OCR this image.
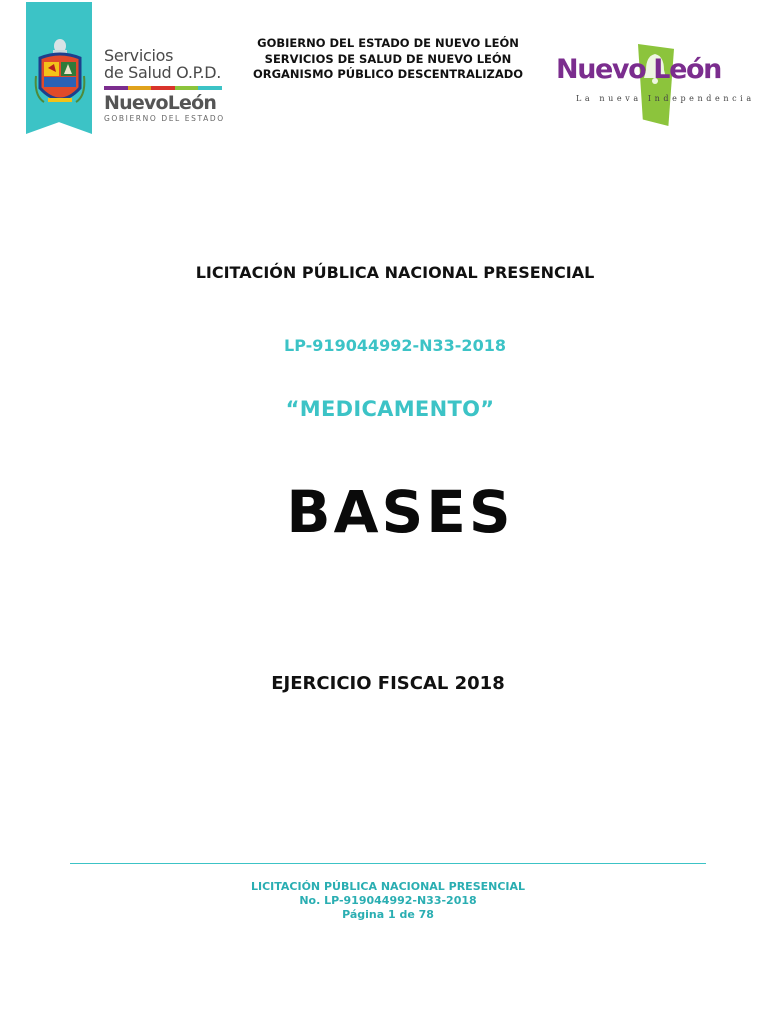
Servicios
de Salud O.P.D.
NuevoLeón
GOBIERNO DEL ESTADO
GOBIERNO DEL ESTADO DE NUEVO LEÓN
SERVICIOS DE SALUD DE NUEVO LEÓN
ORGANISMO PÚBLICO DESCENTRALIZADO	Nuevo León
La nueva Independencia
LICITACIÓN PÚBLICA NACIONAL PRESENCIAL
LP-919044992-N33-2018
“MEDICAMENTO”
BASES
EJERCICIO FISCAL 2018
LICITACIÓN PÚBLICA NACIONAL PRESENCIAL
No. LP-919044992-N33-2018
Página 1 de 78
